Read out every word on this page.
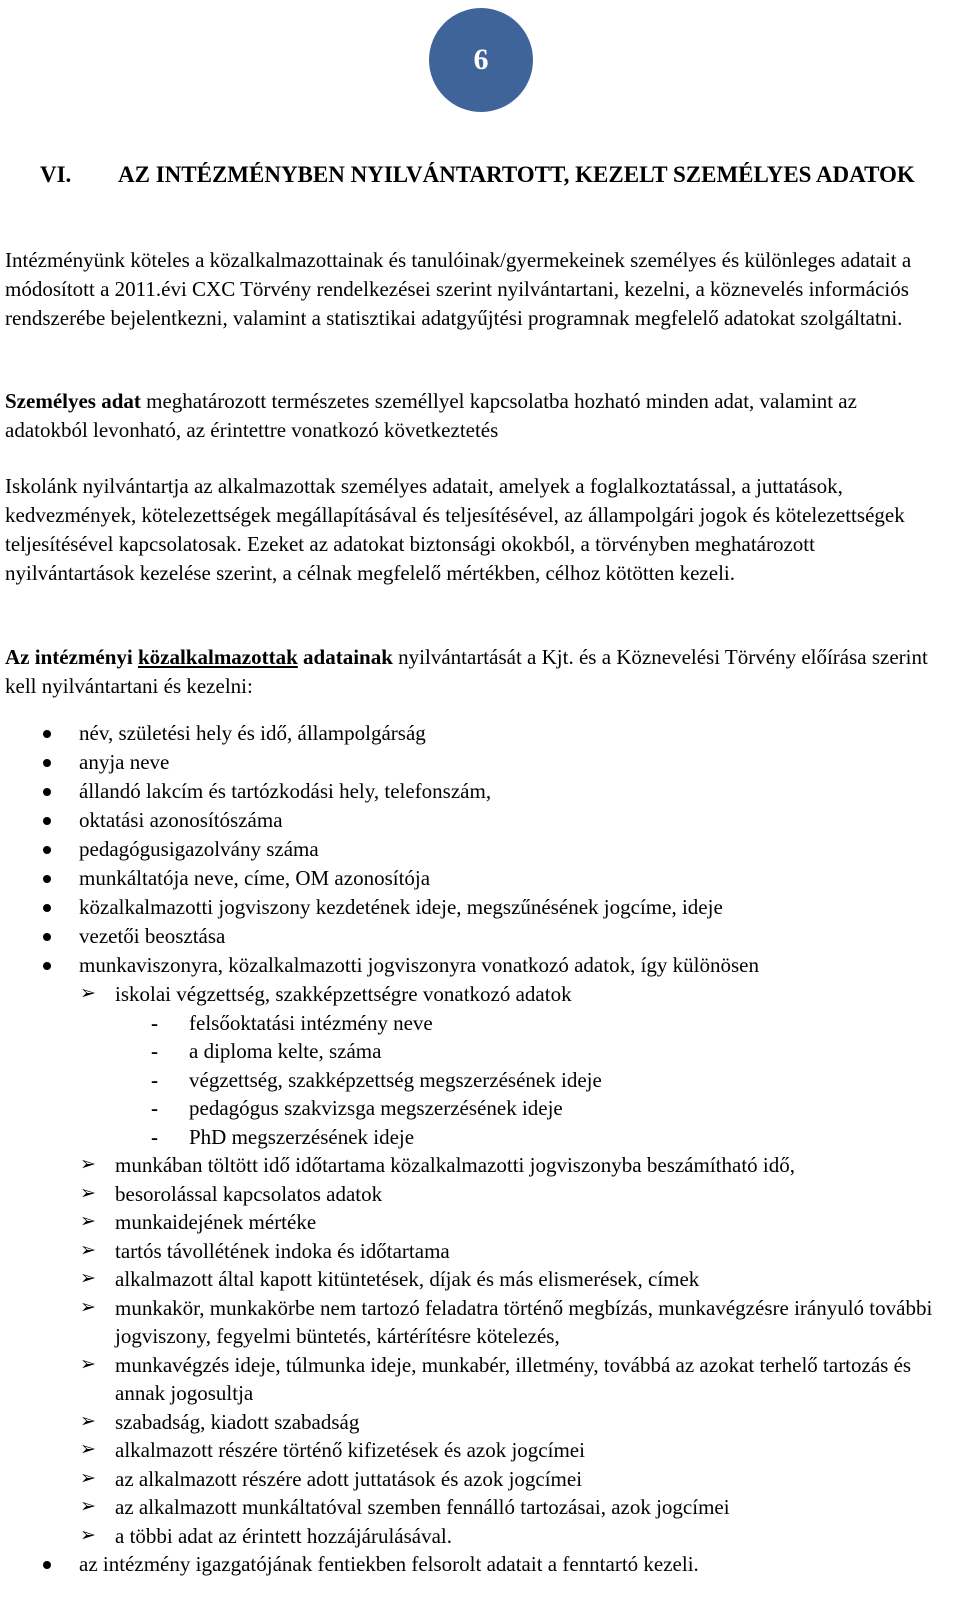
6
VI. AZ INTÉZMÉNYBEN NYILVÁNTARTOTT, KEZELT SZEMÉLYES ADATOK

Intézményünk köteles a közalkalmazottainak és tanulóinak/gyermekeinek személyes és különleges adatait a módosított a 2011.évi CXC Törvény rendelkezései szerint nyilvántartani, kezelni, a köznevelés információs rendszerébe bejelentkezni, valamint a statisztikai adatgyűjtési programnak megfelelő adatokat szolgáltatni.

Személyes adat meghatározott természetes személlyel kapcsolatba hozható minden adat, valamint az adatokból levonható, az érintettre vonatkozó következtetés

Iskolánk nyilvántartja az alkalmazottak személyes adatait, amelyek a foglalkoztatással, a juttatások, kedvezmények, kötelezettségek megállapításával és teljesítésével, az állampolgári jogok és kötelezettségek teljesítésével kapcsolatosak. Ezeket az adatokat biztonsági okokból, a törvényben meghatározott nyilvántartások kezelése szerint, a célnak megfelelő mértékben, célhoz kötötten kezeli.

Az intézményi közalkalmazottak adatainak nyilvántartását a Kjt. és a Köznevelési Törvény előírása szerint kell nyilvántartani és kezelni:

név, születési hely és idő, állampolgárság
anyja neve
állandó lakcím és tartózkodási hely, telefonszám,
oktatási azonosítószáma
pedagógusigazolvány száma
munkáltatója neve, címe, OM azonosítója
közalkalmazotti jogviszony kezdetének ideje, megszűnésének jogcíme, ideje
vezetői beosztása
munkaviszonyra, közalkalmazotti jogviszonyra vonatkozó adatok, így különösen
➢ iskolai végzettség, szakképzettségre vonatkozó adatok
- felsőoktatási intézmény neve
- a diploma kelte, száma
- végzettség, szakképzettség megszerzésének ideje
- pedagógus szakvizsga megszerzésének ideje
- PhD megszerzésének ideje
➢ munkában töltött idő időtartama közalkalmazotti jogviszonyba beszámítható idő,
➢ besorolással kapcsolatos adatok
➢ munkaidejének mértéke
➢ tartós távollétének indoka és időtartama
➢ alkalmazott által kapott kitüntetések, díjak és más elismerések, címek
➢ munkakör, munkakörbe nem tartozó feladatra történő megbízás, munkavégzésre irányuló további jogviszony, fegyelmi büntetés, kártérítésre kötelezés,
➢ munkavégzés ideje, túlmunka ideje, munkabér, illetmény, továbbá az azokat terhelő tartozás és annak jogosultja
➢ szabadság, kiadott szabadság
➢ alkalmazott részére történő kifizetések és azok jogcímei
➢ az alkalmazott részére adott juttatások és azok jogcímei
➢ az alkalmazott munkáltatóval szemben fennálló tartozásai, azok jogcímei
➢ a többi adat az érintett hozzájárulásával.
az intézmény igazgatójának fentiekben felsorolt adatait a fenntartó kezeli.
